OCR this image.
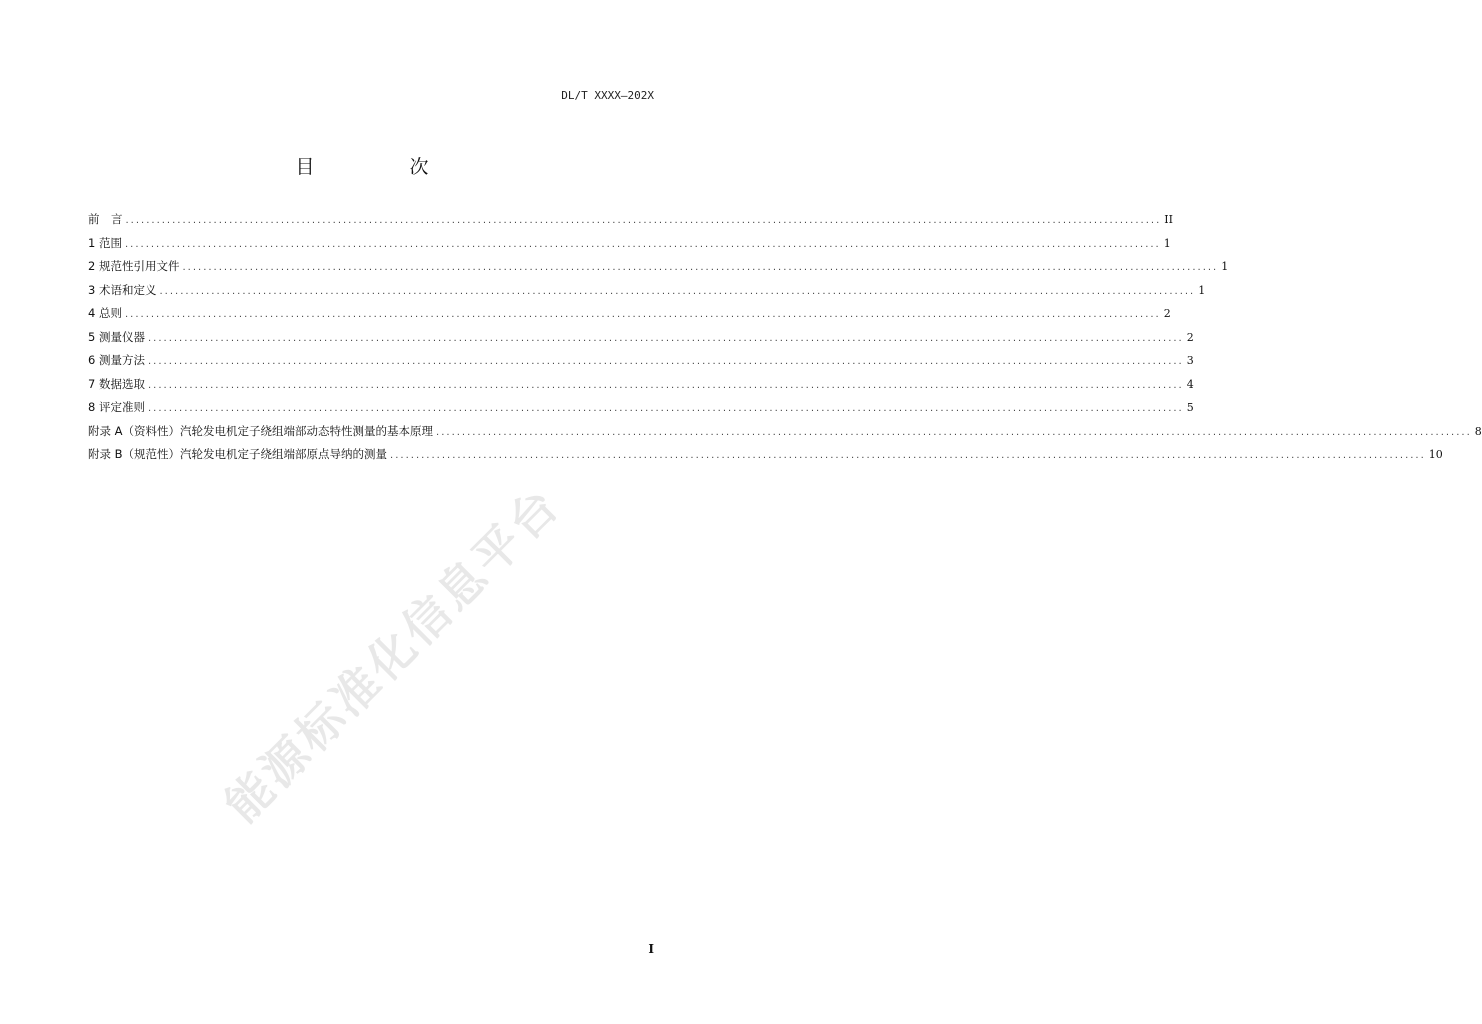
DL/T XXXX—202X
目　次
前　言 ........................................................................................................................................................................................................ II
1 范围 ........................................................................................................................................................................................................ 1
2 规范性引用文件 ........................................................................................................................................................................................................ 1
3 术语和定义 ........................................................................................................................................................................................................ 1
4 总则 ........................................................................................................................................................................................................ 2
5 测量仪器 ........................................................................................................................................................................................................ 2
6 测量方法 ........................................................................................................................................................................................................ 3
7 数据选取 ........................................................................................................................................................................................................ 4
8 评定准则 ........................................................................................................................................................................................................ 5
附录 A（资料性）汽轮发电机定子绕组端部动态特性测量的基本原理 ........................................................................................................................................................................................................ 8
附录 B（规范性）汽轮发电机定子绕组端部原点导纳的测量 ........................................................................................................................................................................................................ 10
能源标准化信息平台
I
